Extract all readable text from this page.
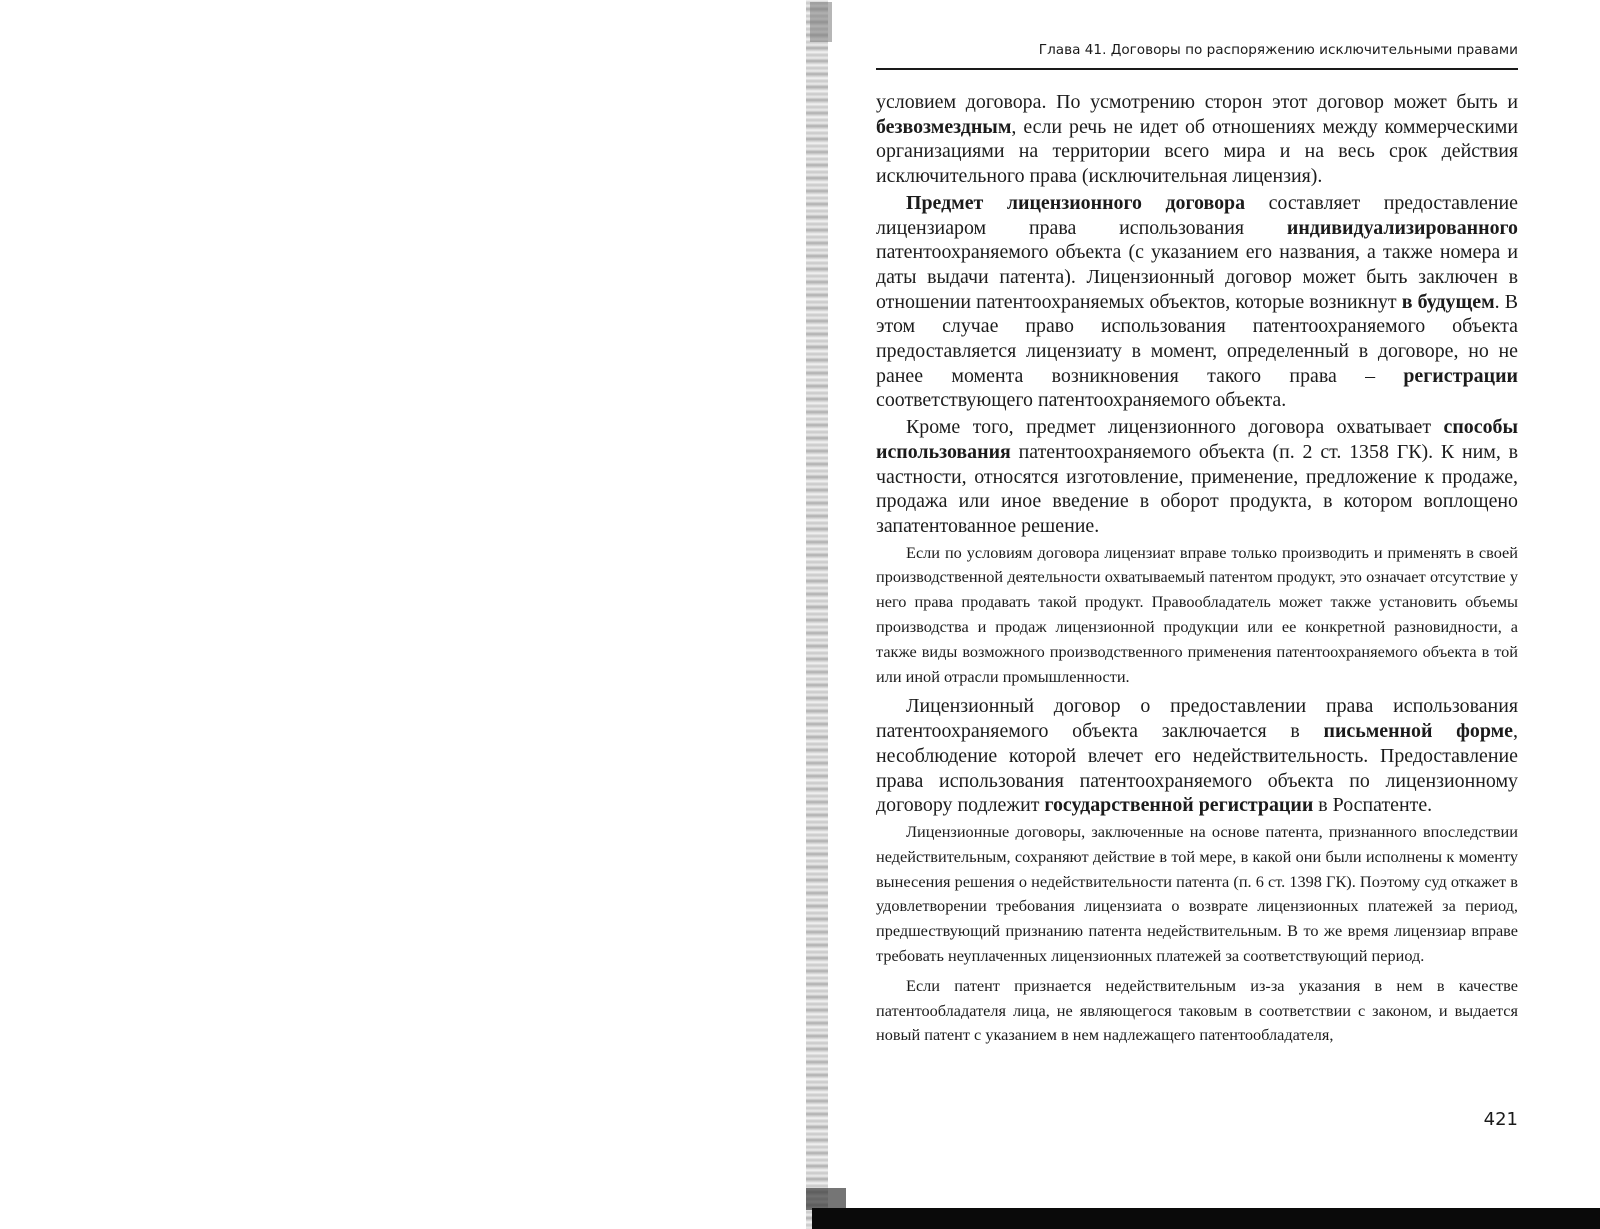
Глава 41. Договоры по распоряжению исключительными правами

условием договора. По усмотрению сторон этот договор может быть и безвозмездным, если речь не идет об отношениях между коммерческими организациями на территории всего мира и на весь срок действия исключительного права (исключительная лицензия).

Предмет лицензионного договора составляет предоставление лицензиаром права использования индивидуализированного патентоохраняемого объекта (с указанием его названия, а также номера и даты выдачи патента). Лицензионный договор может быть заключен в отношении патентоохраняемых объектов, которые возникнут в будущем. В этом случае право использования патентоохраняемого объекта предоставляется лицензиату в момент, определенный в договоре, но не ранее момента возникновения такого права – регистрации соответствующего патентоохраняемого объекта.

Кроме того, предмет лицензионного договора охватывает способы использования патентоохраняемого объекта (п. 2 ст. 1358 ГК). К ним, в частности, относятся изготовление, применение, предложение к продаже, продажа или иное введение в оборот продукта, в котором воплощено запатентованное решение.

Если по условиям договора лицензиат вправе только производить и применять в своей производственной деятельности охватываемый патентом продукт, это означает отсутствие у него права продавать такой продукт. Правообладатель может также установить объемы производства и продаж лицензионной продукции или ее конкретной разновидности, а также виды возможного производственного применения патентоохраняемого объекта в той или иной отрасли промышленности.

Лицензионный договор о предоставлении права использования патентоохраняемого объекта заключается в письменной форме, несоблюдение которой влечет его недействительность. Предоставление права использования патентоохраняемого объекта по лицензионному договору подлежит государственной регистрации в Роспатенте.

Лицензионные договоры, заключенные на основе патента, признанного впоследствии недействительным, сохраняют действие в той мере, в какой они были исполнены к моменту вынесения решения о недействительности патента (п. 6 ст. 1398 ГК). Поэтому суд откажет в удовлетворении требования лицензиата о возврате лицензионных платежей за период, предшествующий признанию патента недействительным. В то же время лицензиар вправе требовать неуплаченных лицензионных платежей за соответствующий период.

Если патент признается недействительным из-за указания в нем в качестве патентообладателя лица, не являющегося таковым в соответствии с законом, и выдается новый патент с указанием в нем надлежащего патентообладателя,

421
